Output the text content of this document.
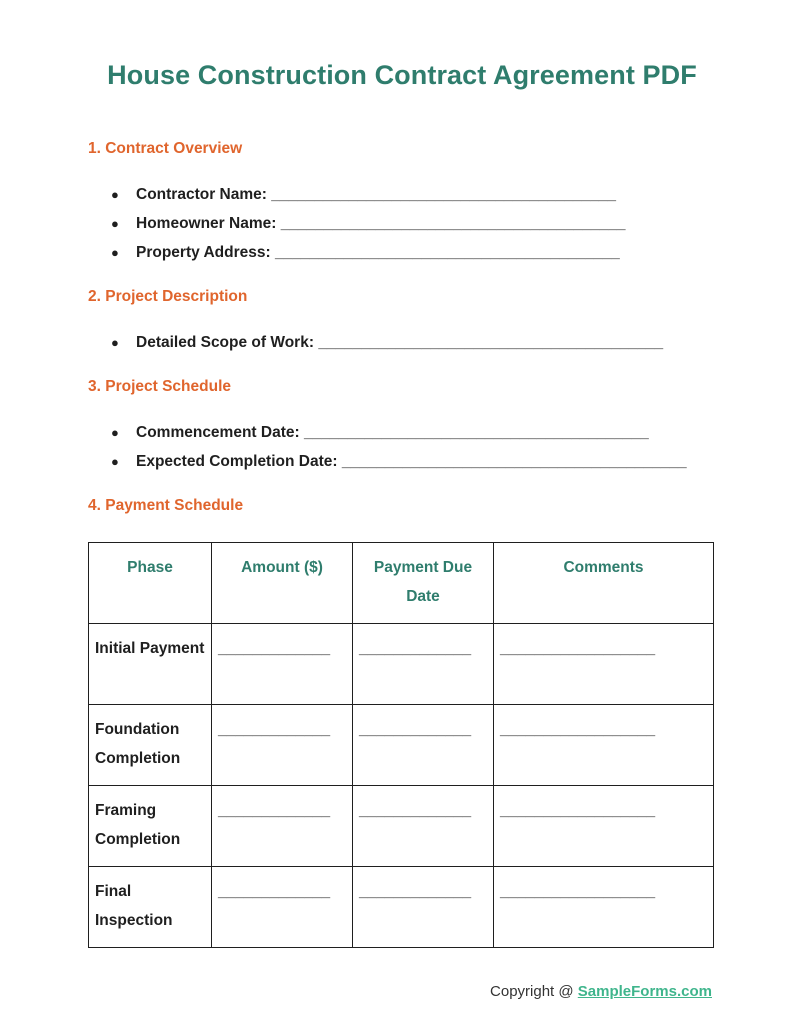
House Construction Contract Agreement PDF
1. Contract Overview
● Contractor Name: ________________________________________
● Homeowner Name: ________________________________________
● Property Address: ________________________________________
2. Project Description
● Detailed Scope of Work: ________________________________________
3. Project Schedule
● Commencement Date: ________________________________________
● Expected Completion Date: ________________________________________
4. Payment Schedule
Phase	Amount ($)	Payment Due Date	Comments
Initial Payment	_____________	_____________	__________________
Foundation Completion	_____________	_____________	__________________
Framing Completion	_____________	_____________	__________________
Final Inspection	_____________	_____________	__________________
Copyright @ SampleForms.com
